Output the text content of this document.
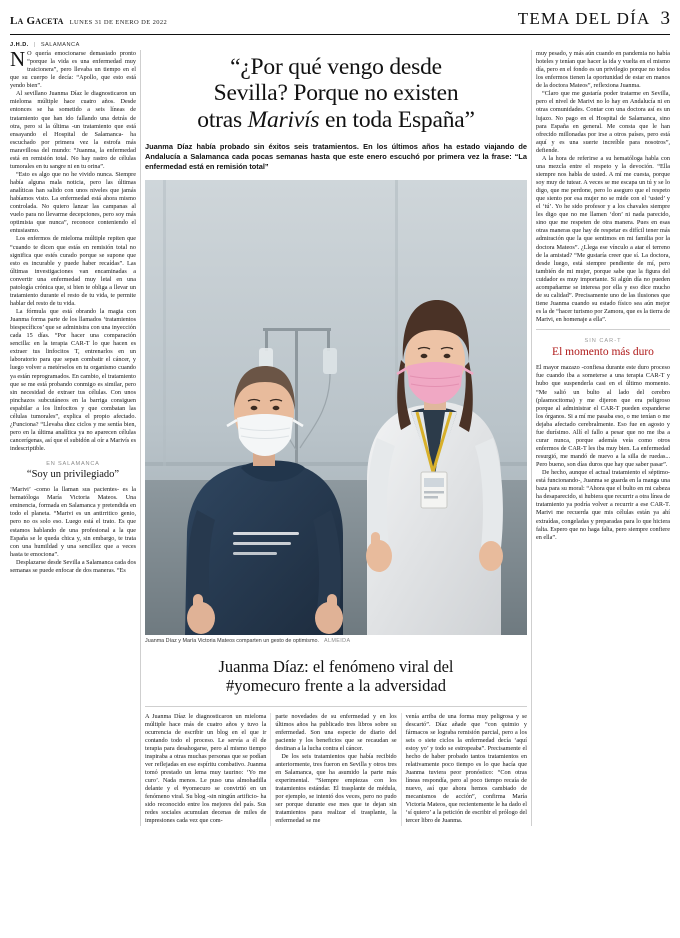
La Gaceta LUNES 31 DE ENERO DE 2022	TEMA DEL DÍA 3
J.H.D. | SALAMANCA

N O quería emocionarse demasiado pronto “porque la vida es una enfermedad muy traicionera”, pero llevaba un tiempo en el que su cuerpo le decía: “Apollo, que esto está yendo bien”.

Al sevillano Juanma Díaz le diagnosticaron un mieloma múltiple hace cuatro años. Desde entonces se ha sometido a seis líneas de tratamiento que han ido fallando una detrás de otra, pero si la última -un tratamiento que está ensayando el Hospital de Salamanca- ha escuchado por primera vez la estrofa más maravillosa del mundo: “Juanma, la enfermedad está en remisión total. No hay rastro de células tumorales en tu sangre ni en tu orina”.

“Esto es algo que no he vivido nunca. Siempre había alguna mala noticia, pero las últimas analíticas han salido con unos niveles que jamás habíamos visto. La enfermedad está ahora mismo controlada. No quiero lanzar las campanas al vuelo para no llevarme decepciones, pero soy más optimista que nunca”, reconoce conteniendo el entusiasmo.

Los enfermos de mieloma múltiple repiten que “cuando te dicen que estás en remisión total no significa que estés curado porque se supone que esto es incurable y puede haber recaídas”. Las últimas investigaciones van encaminadas a convertir una enfermedad muy letal en una patología crónica que, si bien te obliga a llevar un tratamiento durante el resto de tu vida, te permite hablar del resto de tu vida.

La fórmula que está obrando la magia con Juanma forma parte de los llamados ‘tratamientos biespecíficos’ que se administra con una inyección cada 15 días. “Por hacer una comparación sencilla: en la terapia CAR-T lo que hacen es extraer tus linfocitos T, entrenarlos en un laboratorio para que sepan combatir el cáncer, y luego volver a metérselos en tu organismo cuando ya están reprogramados. En cambio, el tratamiento que se me está probando conmigo es similar, pero sin necesidad de extraer tus células. Con unos pinchazos subcutáneos en la barriga consiguen espabilar a los linfocitos y que combatan las células tumorales”, explica el propio afectado. ¿Funciona? “Llevaba diez ciclos y me sentía bien, pero en la última analítica ya no aparecen células cancerígenas, así que el subidón al oír a Marivís es indescriptible.

EN SALAMANCA
“Soy un privilegiado”

‘Marivi’ -como la llaman sus pacientes- es la hematóloga María Victoria Mateos. Una eminencia, formada en Salamanca y pretendida en todo el planeta. “Marivi es un antirritico genio, pero no os solo eso. Luego está el trato. Es que estamos hablando de una profesional a la que España se le queda chica y, sin embargo, te trata con una humildad y una sencillez que a veces hasta te emociona”.

Desplazarse desde Sevilla a Salamanca cada dos semanas se puede enfocar de dos maneras. “Es

“¿Por qué vengo desde
Sevilla? Porque no existen
otras Marivís en toda España”

Juanma Díaz había probado sin éxitos seis tratamientos. En los últimos años ha estado viajando de Andalucía a Salamanca cada pocas semanas hasta que este enero escuchó por primera vez la frase: “La enfermedad está en remisión total”

Juanma Díaz y María Victoria Mateos comparten un gesto de optimismo. ALMEIDA
Juanma Díaz: el fenómeno viral del
#yomecuro frente a la adversidad

A Juanma Díaz le diagnosticaron un mieloma múltiple hace más de cuatro años y tuvo la ocurrencia de escribir un blog en el que ir contando todo el proceso. Le servía a él de terapia para desahogarse, pero al mismo tiempo inspiraba a otras muchas personas que se podían ver reflejadas en ese espíritu combativo. Juanma tomó prestado un lema muy taurino: ‘Yo me curo’. Nada menos. Le puso una almohadilla delante y el #yomecuro se convirtió en un fenómeno viral. Su blog -sin ningún artificio- ha sido reconocido entre los mejores del país. Sus redes sociales acumulan decenas de miles de impresiones cada vez que com-

parte novedades de su enfermedad y en los últimos años ha publicado tres libros sobre su enfermedad. Son una especie de diario del paciente y los beneficios que se recaudan se destinan a la lucha contra el cáncer.

De los seis tratamientos que había recibido anteriormente, tres fueron en Sevilla y otros tres en Salamanca, que ha asumido la parte más experimental. “Siempre empiezas con los tratamientos estándar. El trasplante de médula, por ejemplo, se intentó dos veces, pero no pudo ser porque durante ese mes que te dejan sin tratamientos para realizar el trasplante, la enfermedad se me

venía arriba de una forma muy peligrosa y se descartó”. Díaz añade que “con quimio y fármacos se lograba remisión parcial, pero a los seis o siete ciclos la enfermedad decía ‘aquí estoy yo’ y todo se estropeaba”. Precisamente el hecho de haber probado tantos tratamientos en relativamente poco tiempo es lo que hacía que Juanma tuviera peor pronóstico: “Con otras líneas respondía, pero al poco tiempo recaía de nuevo, así que ahora hemos cambiado de mecanismos de acción”, confirma María Victoria Mateos, que recientemente le ha dado el ‘sí quiero’ a la petición de escribir el prólogo del tercer libro de Juanma.

muy pesado, y más aún cuando en pandemia no había hoteles y tenían que hacer la ida y vuelta en el mismo día, pero en el fondo es un privilegio porque no todos los enfermos tienen la oportunidad de estar en manos de la doctora Mateos”, reflexiona Juanma.

“Claro que me gustaría poder tratarme en Sevilla, pero el nivel de Marivi no lo hay en Andalucía ni en otras comunidades. Contar con una doctora así es un lujazo. No pago en el Hospital de Salamanca, sino para España en general. Me consta que le han ofrecido millonadas por irse a otros países, pero está aquí y es una suerte increíble para nosotros”, defiende.

A la hora de referirse a su hematóloga habla con una mezcla entre el respeto y la devoción. “Ella siempre nos habla de usted. A mí me cuesta, porque soy muy de tutear. A veces se me escapa un tú y se lo digo, que me perdone, pero lo aseguro que el respeto que siento por esa mujer no se mide con el ‘usted’ y el ‘tú’. Yo he sido profesor y a los chavales siempre les digo que no me llamen ‘don’ ni nada parecido, sino que me respeten de otra manera. Pues en esas otras maneras que hay de respetar es difícil tener más admiración que la que sentimos en mi familia por la doctora Mateos”. ¿Llega ese vínculo a atar el terreno de la amistad? “Me gustaría creer que sí. La doctora, desde luego, está siempre pendiente de mí, pero también de mi mujer, porque sabe que la figura del cuidador es muy importante. Si algún día no pueden acompañarme se interesa por ella y eso dice mucho de su calidad”. Precisamente uno de las ilusiones que tiene Juanma cuando su estado físico sea aún mejor es la de “hacer turismo por Zamora, que es la tierra de Marivi, en homenaje a ella”.

SIN CAR-T
El momento más duro

El mayor mazazo -confiesa durante este duro proceso fue cuando iba a someterse a una terapia CAR-T y hubo que suspenderla casi en el último momento. “Me salió un bulto al lado del cerebro (plasmocitoma) y me dijeron que era peligroso porque al administrar el CAR-T pueden expanderse los órganos. Si a mí me pasaba eso, o me tenían o me dejaba afectado cerebralmente. Eso fue en agosto y fue durísimo. Allí el fallo a pesar que no me iba a curar nunca, porque además veía como otros enfermos de CAR-T les iba muy bien. La enfermedad resurgió, me mandó de nuevo a la silla de ruedas... Pero bueno, son días duros que hay que saber pasar”.

De hecho, aunque el actual tratamiento el séptimo- está funcionando-, Juanma se guarda en la manga una baza para su moral: “Ahora que el bulto en mi cabeza ha desaparecido, si hubiera que recurrir a otra línea de tratamiento ya podría volver a recurrir a ese CAR-T. Marivi me recuerda que mis células están ya ahí extraídas, congeladas y preparadas para lo que hiciera falta. Espero que no haga falta, pero siempre confiere en ella”.
